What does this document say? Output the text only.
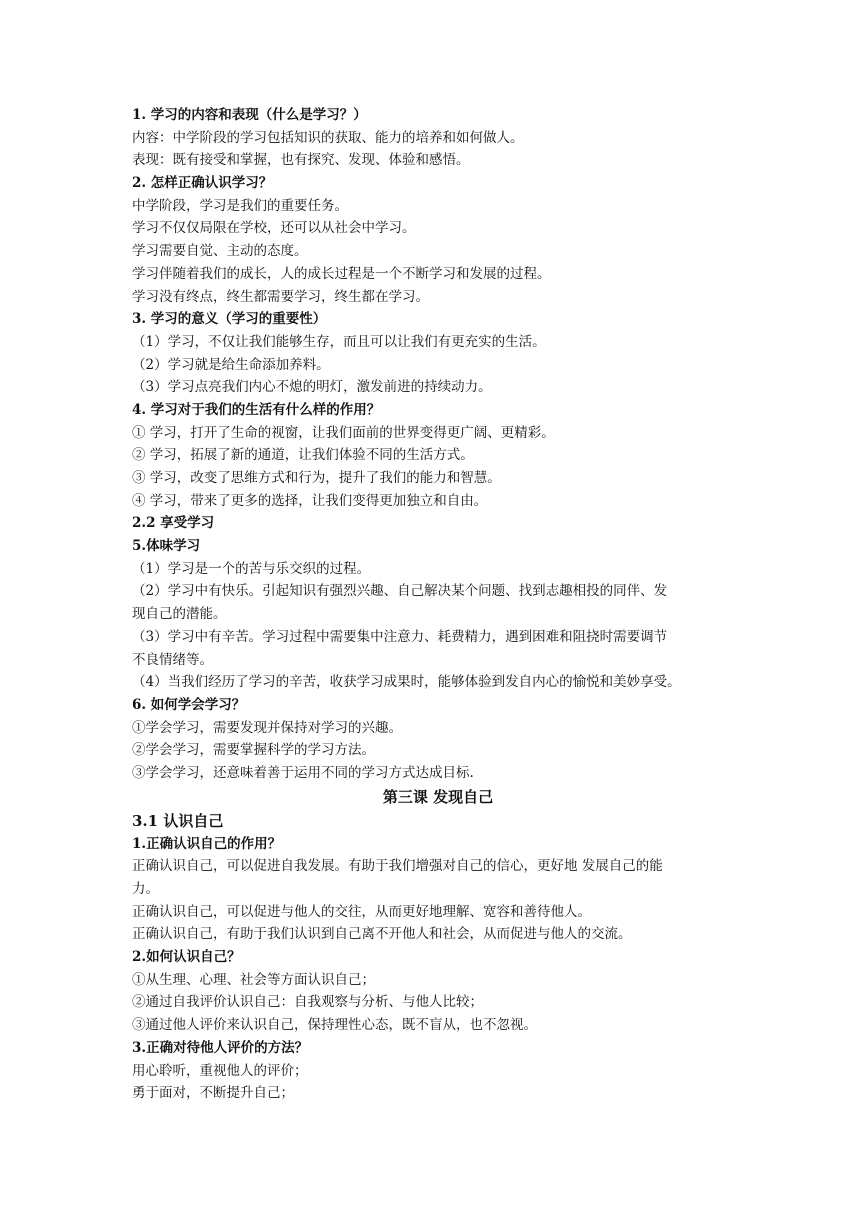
1. 学习的内容和表现（什么是学习？）
内容：中学阶段的学习包括知识的获取、能力的培养和如何做人。
表现：既有接受和掌握，也有探究、发现、体验和感悟。
2. 怎样正确认识学习？
中学阶段，学习是我们的重要任务。
学习不仅仅局限在学校，还可以从社会中学习。
学习需要自觉、主动的态度。
学习伴随着我们的成长，人的成长过程是一个不断学习和发展的过程。
学习没有终点，终生都需要学习，终生都在学习。
3. 学习的意义（学习的重要性）
（1）学习，不仅让我们能够生存，而且可以让我们有更充实的生活。
（2）学习就是给生命添加养料。
（3）学习点亮我们内心不熄的明灯，激发前进的持续动力。
4. 学习对于我们的生活有什么样的作用？
① 学习，打开了生命的视窗，让我们面前的世界变得更广阔、更精彩。
② 学习，拓展了新的通道，让我们体验不同的生活方式。
③ 学习，改变了思维方式和行为，提升了我们的能力和智慧。
④ 学习，带来了更多的选择，让我们变得更加独立和自由。
2.2 享受学习
5.体味学习
（1）学习是一个的苦与乐交织的过程。
（2）学习中有快乐。引起知识有强烈兴趣、自己解决某个问题、找到志趣相投的同伴、发
现自己的潜能。
（3）学习中有辛苦。学习过程中需要集中注意力、耗费精力，遇到困难和阻挠时需要调节
不良情绪等。
（4）当我们经历了学习的辛苦，收获学习成果时，能够体验到发自内心的愉悦和美妙享受。
6. 如何学会学习？
①学会学习，需要发现并保持对学习的兴趣。
②学会学习，需要掌握科学的学习方法。
③学会学习，还意味着善于运用不同的学习方式达成目标.
第三课 发现自己
3.1 认识自己
1.正确认识自己的作用？
正确认识自己，可以促进自我发展。有助于我们增强对自己的信心，更好地 发展自己的能
力。
正确认识自己，可以促进与他人的交往，从而更好地理解、宽容和善待他人。
正确认识自己，有助于我们认识到自己离不开他人和社会，从而促进与他人的交流。
2.如何认识自己？
①从生理、心理、社会等方面认识自己；
②通过自我评价认识自己：自我观察与分析、与他人比较；
③通过他人评价来认识自己，保持理性心态，既不盲从，也不忽视。
3.正确对待他人评价的方法？
用心聆听，重视他人的评价；
勇于面对，不断提升自己；
